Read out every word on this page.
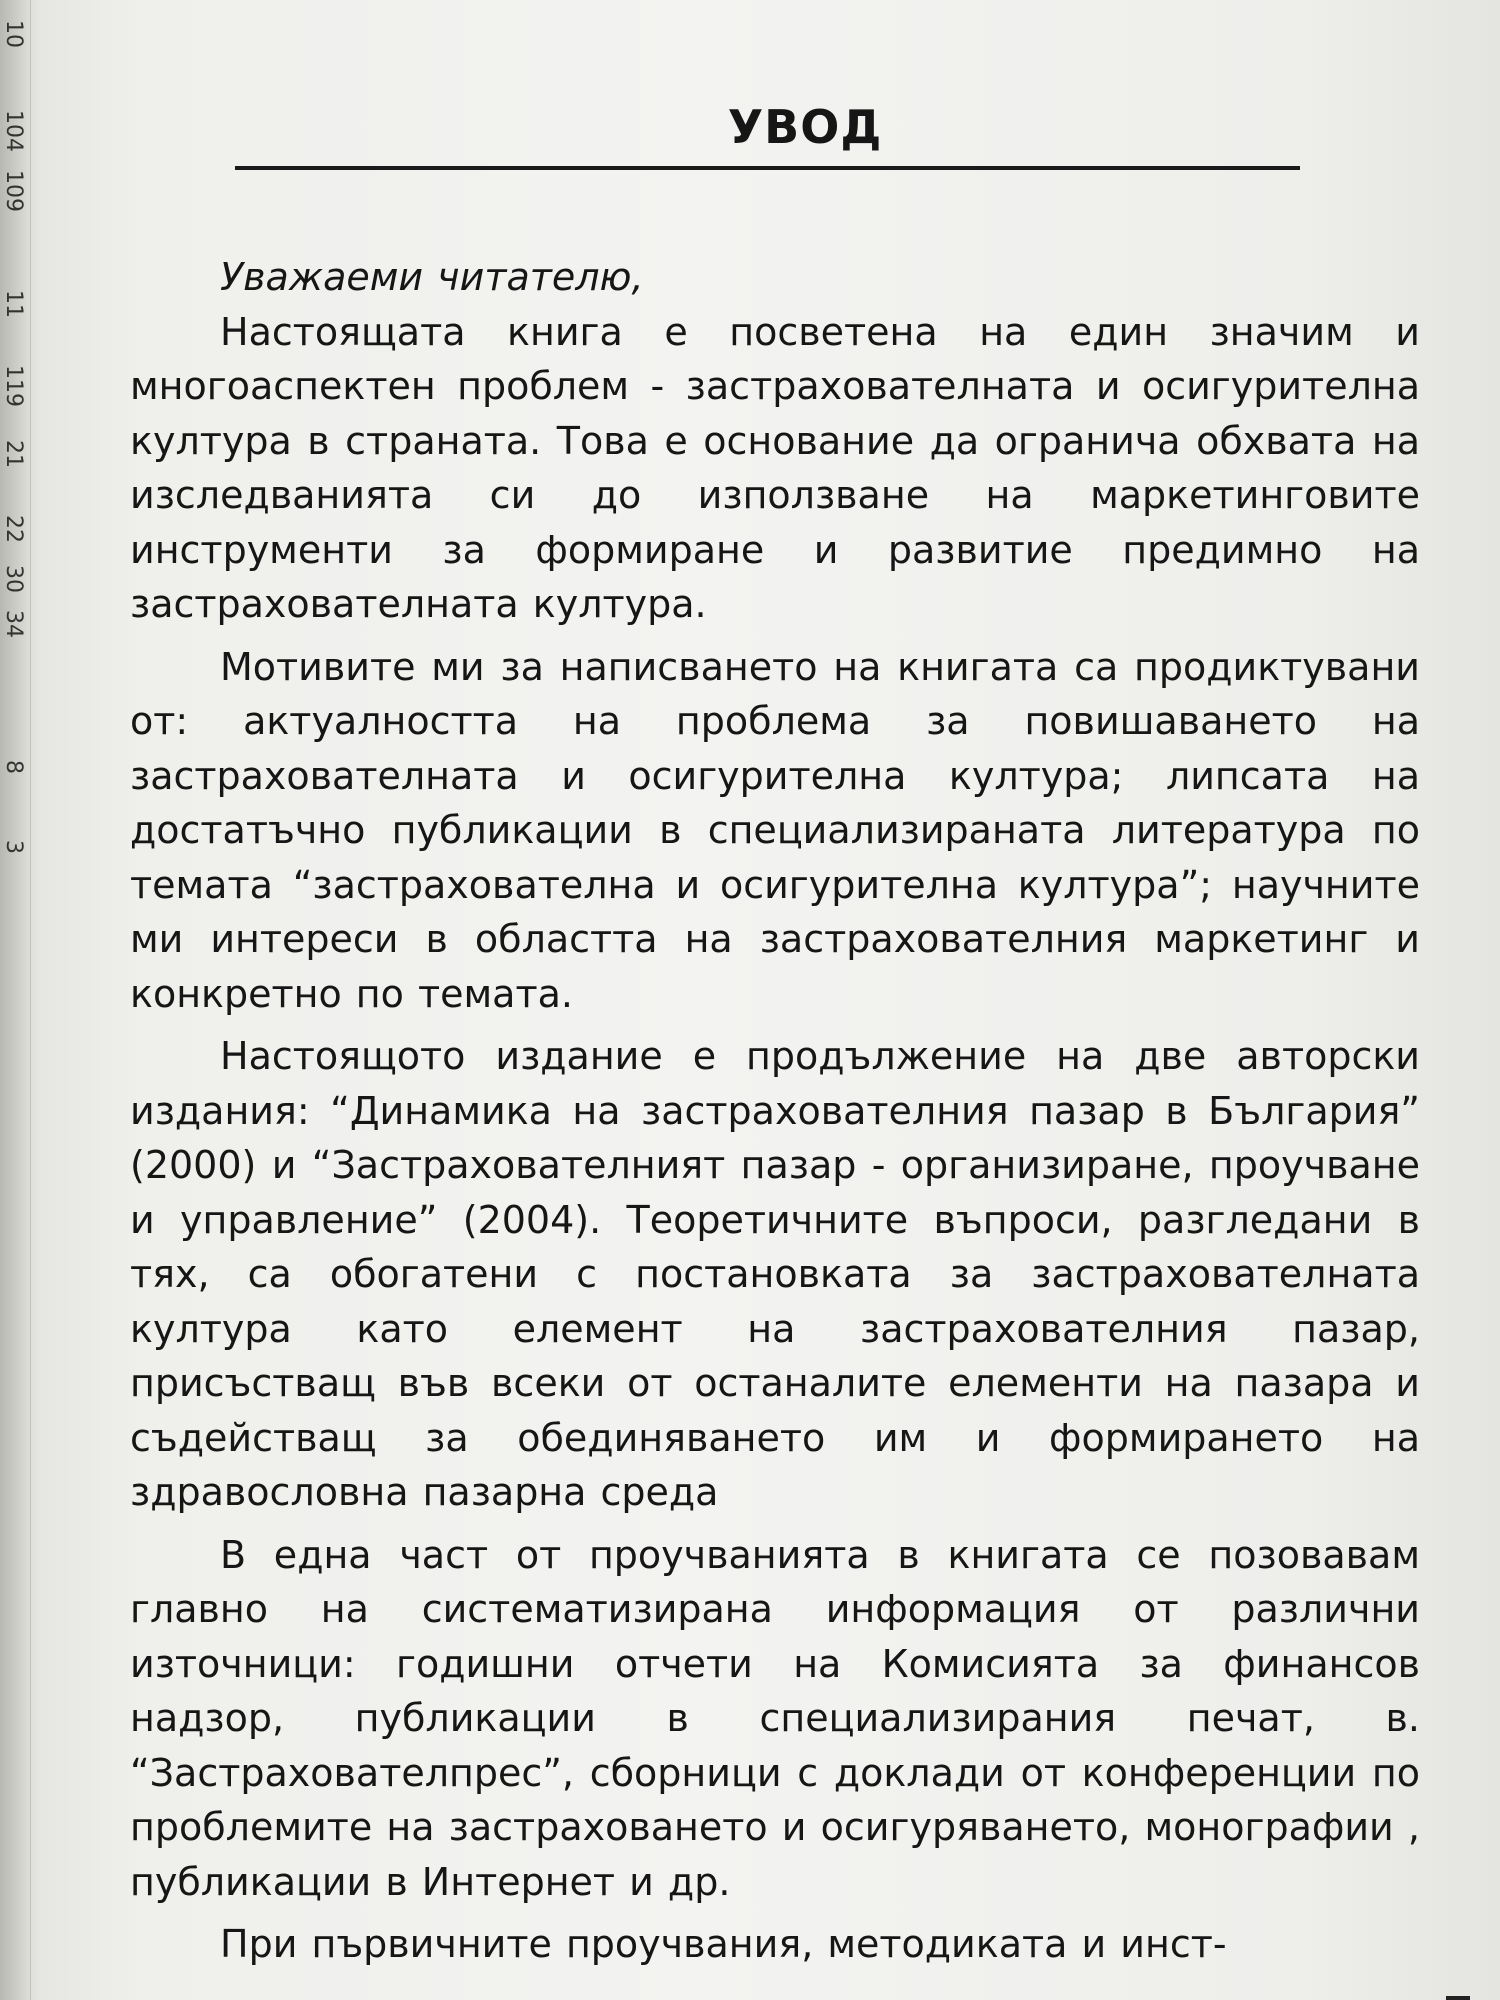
10
104
109
11
119
21
22
30
34
8
3
УВОД

Уважаеми читателю,

Настоящата книга е посветена на един значим и многоаспектен проблем - застрахователната и осигурителна култура в страната. Това е основание да огранича обхвата на изследванията си до използване на маркетинговите инструменти за формиране и развитие предимно на застрахователната култура.

Мотивите ми за написването на книгата са продиктувани от: актуалността на проблема за повишаването на застрахователната и осигурителна култура; липсата на достатъчно публикации в специализираната литература по темата “застрахователна и осигурителна култура”; научните ми интереси в областта на застрахователния маркетинг и конкретно по темата.

Настоящото издание е продължение на две авторски издания: “Динамика на застрахователния пазар в България” (2000) и “Застрахователният пазар - организиране, проучване и управление” (2004). Теоретичните въпроси, разгледани в тях, са обогатени с постановката за застрахователната култура като елемент на застрахователния пазар, присъстващ във всеки от останалите елементи на пазара и съдействащ за обединяването им и формирането на здравословна пазарна среда

В една част от проучванията в книгата се позовавам главно на систематизирана информация от различни източници: годишни отчети на Комисията за финансов надзор, публикации в специализирания печат, в. “Застрахователпрес”, сборници с доклади от конференции по проблемите на застраховането и осигуряването, монографии , публикации в Интернет и др.

При първичните проучвания, методиката и инст-
